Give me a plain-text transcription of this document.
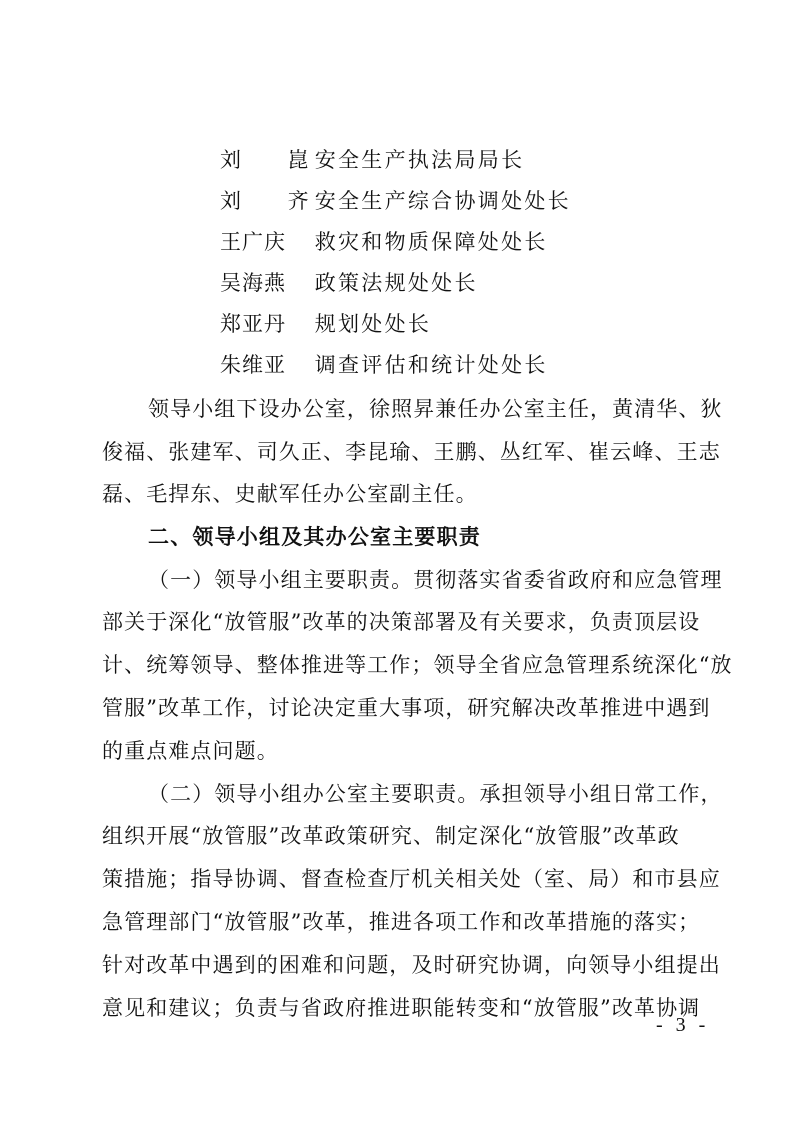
刘 崑 安全生产执法局局长
刘 齐 安全生产综合协调处处长
王广庆 救灾和物质保障处处长
吴海燕 政策法规处处长
郑亚丹 规划处处长
朱维亚 调查评估和统计处处长
领导小组下设办公室，徐照昇兼任办公室主任，黄清华、狄
俊福、张建军、司久正、李昆瑜、王鹏、丛红军、崔云峰、王志
磊、毛捍东、史献军任办公室副主任。
二、领导小组及其办公室主要职责
（一）领导小组主要职责。贯彻落实省委省政府和应急管理
部关于深化“放管服”改革的决策部署及有关要求，负责顶层设
计、统筹领导、整体推进等工作；领导全省应急管理系统深化“放
管服”改革工作，讨论决定重大事项，研究解决改革推进中遇到
的重点难点问题。
（二）领导小组办公室主要职责。承担领导小组日常工作，
组织开展“放管服”改革政策研究、制定深化“放管服”改革政
策措施；指导协调、督查检查厅机关相关处（室、局）和市县应
急管理部门“放管服”改革，推进各项工作和改革措施的落实；
针对改革中遇到的困难和问题，及时研究协调，向领导小组提出
意见和建议；负责与省政府推进职能转变和“放管服”改革协调
- 3 -
